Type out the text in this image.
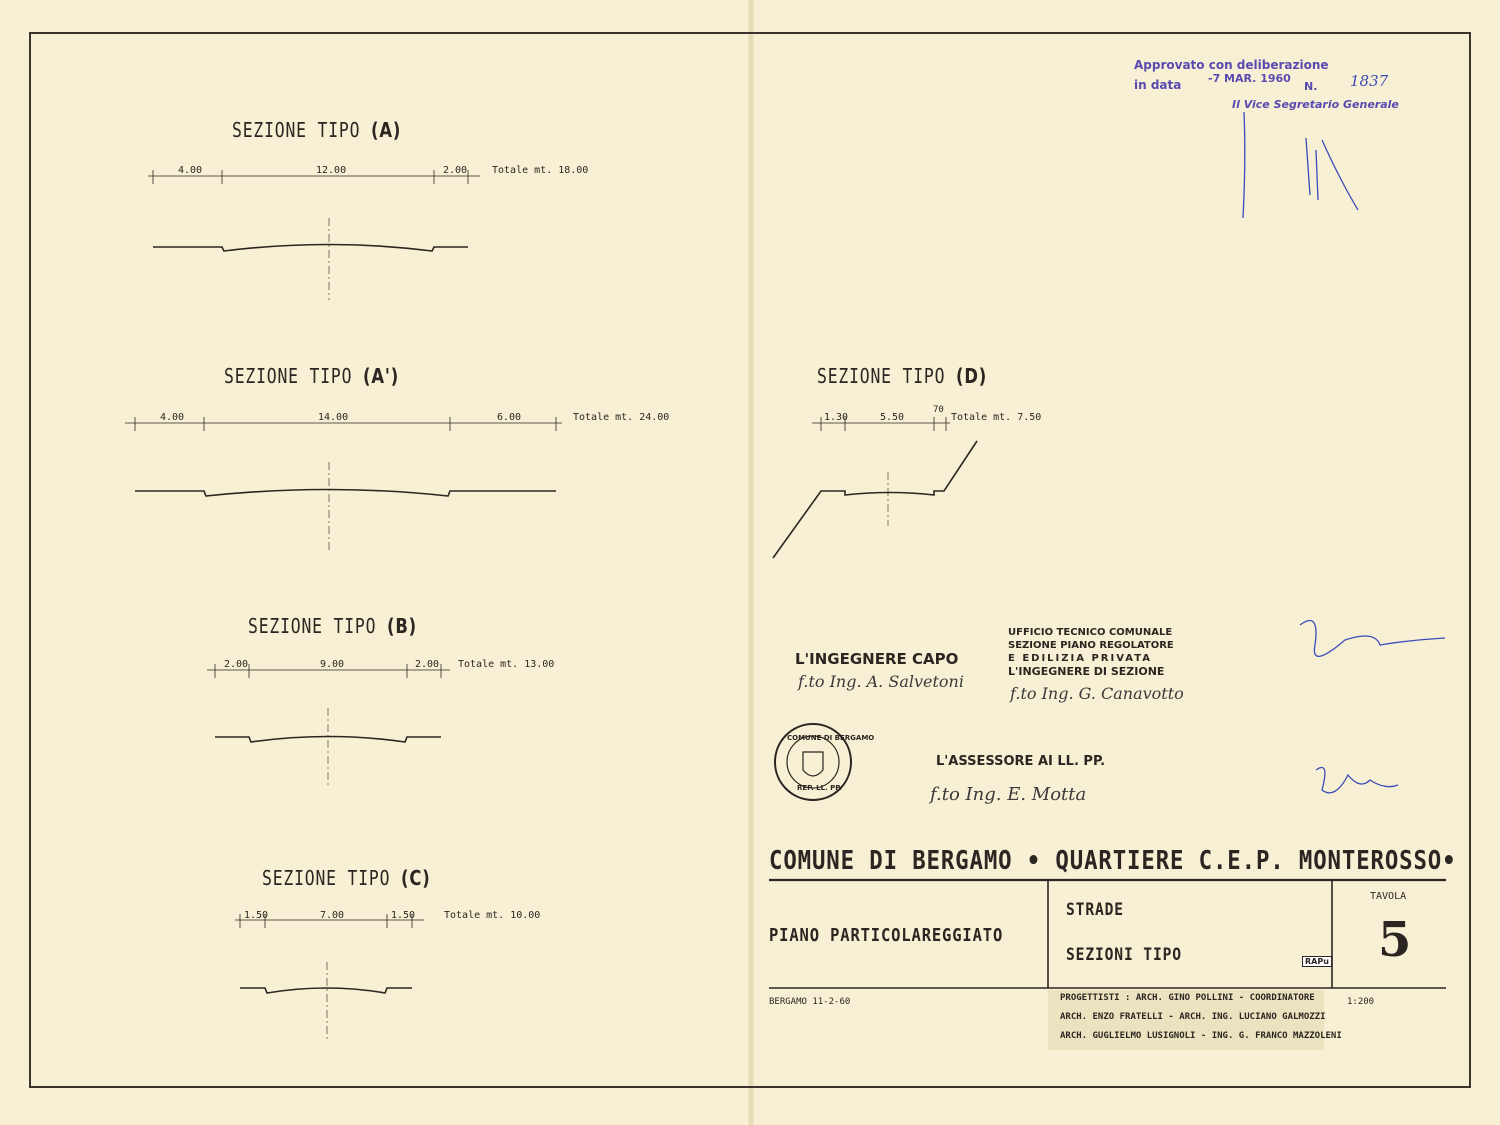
Approvato con deliberazione
in data -7 MAR. 1960
N. 1837
Il Vice Segretario Generale
SEZIONE TIPO (A)
4.00	12.00	2.00 Totale mt. 18.00
SEZIONE TIPO (A')
4.00	14.00	6.00	Totale mt. 24.00
SEZIONE TIPO (B)
2.00	9.00	2.00 Totale mt. 13.00
SEZIONE TIPO (C)
1.50	7.00	1.50	Totale mt. 10.00
SEZIONE TIPO (D)
1.30	5.50
70
Totale mt. 7.50
COMUNE DI BERGAMO
REP. LL. PP.
L'INGEGNERE CAPO
f.to Ing. A. Salvetoni
UFFICIO TECNICO COMUNALE
SEZIONE PIANO REGOLATORE
E EDILIZIA PRIVATA
L'INGEGNERE DI SEZIONE
f.to Ing. G. Canavotto
L'ASSESSORE AI LL. PP.
f.to Ing. E. Motta
COMUNE DI BERGAMO • QUARTIERE C.E.P. MONTEROSSO•
PIANO PARTICOLAREGGIATO
STRADE
SEZIONI TIPO	RAPu
TAVOLA
5
BERGAMO 11-2-60	1:200
PROGETTISTI : ARCH. GINO POLLINI - COORDINATORE
ARCH. ENZO FRATELLI - ARCH. ING. LUCIANO GALMOZZI
ARCH. GUGLIELMO LUSIGNOLI - ING. G. FRANCO MAZZOLENI
